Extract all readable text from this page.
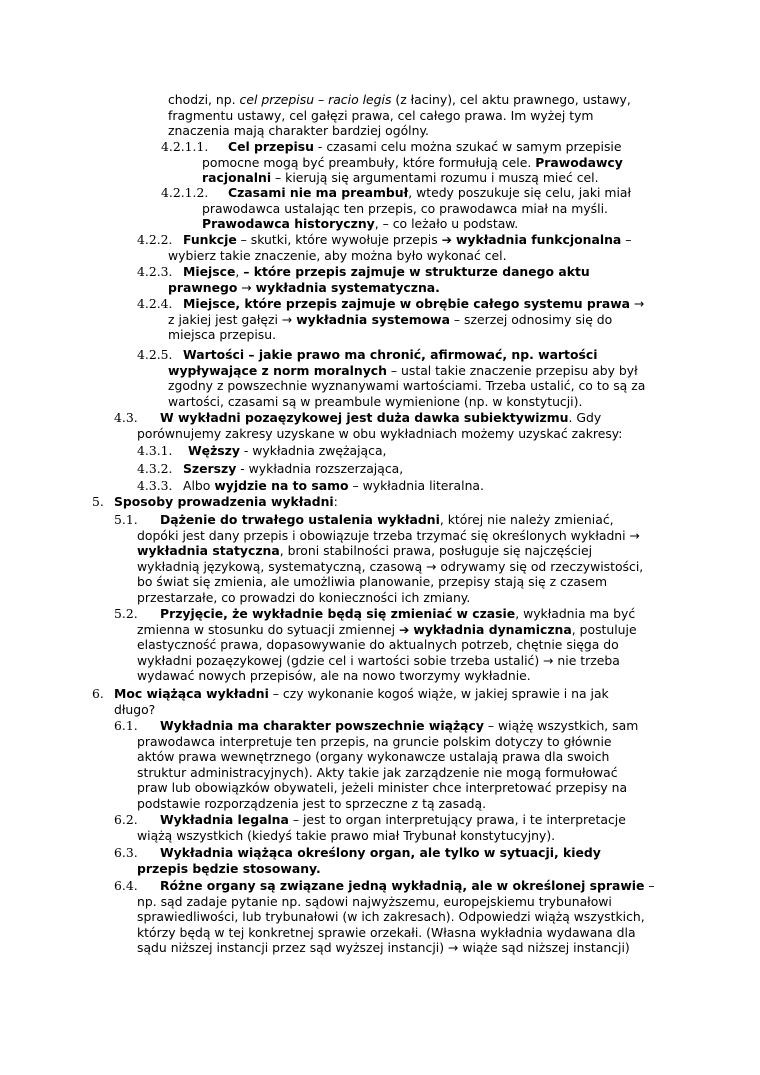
chodzi, np. cel przepisu – racio legis (z łaciny), cel aktu prawnego, ustawy,
fragmentu ustawy, cel gałęzi prawa, cel całego prawa. Im wyżej tym
znaczenia mają charakter bardziej ogólny.
4.2.1.1. Cel przepisu - czasami celu można szukać w samym przepisie
pomocne mogą być preambuły, które formułują cele. Prawodawcy
racjonalni – kierują się argumentami rozumu i muszą mieć cel.
4.2.1.2. Czasami nie ma preambuł, wtedy poszukuje się celu, jaki miał
prawodawca ustalając ten przepis, co prawodawca miał na myśli.
Prawodawca historyczny, – co leżało u podstaw.
4.2.2. Funkcje – skutki, które wywołuje przepis ➔ wykładnia funkcjonalna –
wybierz takie znaczenie, aby można było wykonać cel.
4.2.3. Miejsce, – które przepis zajmuje w strukturze danego aktu
prawnego → wykładnia systematyczna.
4.2.4. Miejsce, które przepis zajmuje w obrębie całego systemu prawa →
z jakiej jest gałęzi → wykładnia systemowa – szerzej odnosimy się do
miejsca przepisu.
4.2.5. Wartości – jakie prawo ma chronić, afirmować, np. wartości
wypływające z norm moralnych – ustal takie znaczenie przepisu aby był
zgodny z powszechnie wyznanywami wartościami. Trzeba ustalić, co to są za
wartości, czasami są w preambule wymienione (np. w konstytucji).
4.3. W wykładni pozaęzykowej jest duża dawka subiektywizmu. Gdy
porównujemy zakresy uzyskane w obu wykładniach możemy uzyskać zakresy:
4.3.1. Węższy - wykładnia zwężająca,
4.3.2. Szerszy - wykładnia rozszerzająca,
4.3.3. Albo wyjdzie na to samo – wykładnia literalna.
5. Sposoby prowadzenia wykładni:
5.1. Dążenie do trwałego ustalenia wykładni, której nie należy zmieniać,
dopóki jest dany przepis i obowiązuje trzeba trzymać się określonych wykładni →
wykładnia statyczna, broni stabilności prawa, posługuje się najczęściej
wykładnią językową, systematyczną, czasową → odrywamy się od rzeczywistości,
bo świat się zmienia, ale umożliwia planowanie, przepisy stają się z czasem
przestarzałe, co prowadzi do konieczności ich zmiany.
5.2. Przyjęcie, że wykładnie będą się zmieniać w czasie, wykładnia ma być
zmienna w stosunku do sytuacji zmiennej ➔ wykładnia dynamiczna, postuluje
elastyczność prawa, dopasowywanie do aktualnych potrzeb, chętnie sięga do
wykładni pozaęzykowej (gdzie cel i wartości sobie trzeba ustalić) → nie trzeba
wydawać nowych przepisów, ale na nowo tworzymy wykładnie.
6. Moc wiążąca wykładni – czy wykonanie kogoś wiąże, w jakiej sprawie i na jak
długo?
6.1. Wykładnia ma charakter powszechnie wiążący – wiążę wszystkich, sam
prawodawca interpretuje ten przepis, na gruncie polskim dotyczy to głównie
aktów prawa wewnętrznego (organy wykonawcze ustalają prawa dla swoich
struktur administracyjnych). Akty takie jak zarządzenie nie mogą formułować
praw lub obowiązków obywateli, jeżeli minister chce interpretować przepisy na
podstawie rozporządzenia jest to sprzeczne z tą zasadą.
6.2. Wykładnia legalna – jest to organ interpretujący prawa, i te interpretacje
wiążą wszystkich (kiedyś takie prawo miał Trybunał konstytucyjny).
6.3. Wykładnia wiążąca określony organ, ale tylko w sytuacji, kiedy
przepis będzie stosowany.
6.4. Różne organy są związane jedną wykładnią, ale w określonej sprawie –
np. sąd zadaje pytanie np. sądowi najwyższemu, europejskiemu trybunałowi
sprawiedliwości, lub trybunałowi (w ich zakresach). Odpowiedzi wiążą wszystkich,
którzy będą w tej konkretnej sprawie orzekałi. (Własna wykładnia wydawana dla
sądu niższej instancji przez sąd wyższej instancji) → wiąże sąd niższej instancji)
